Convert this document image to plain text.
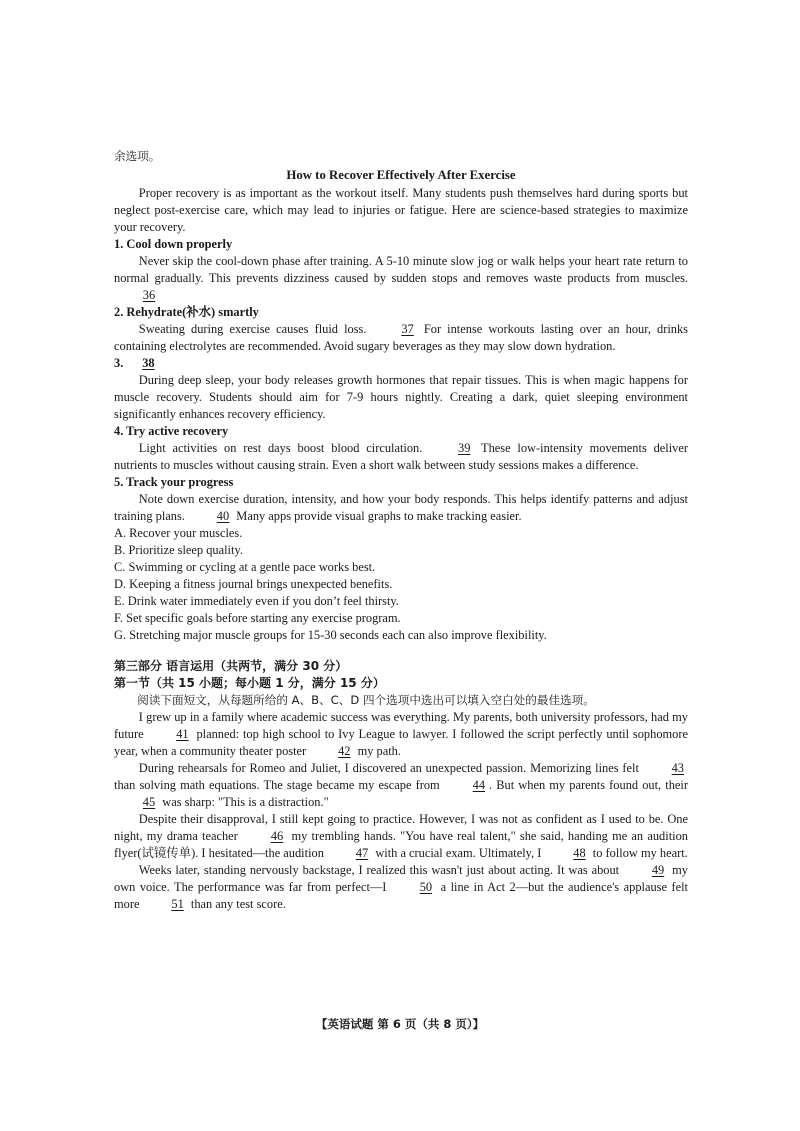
余选项。

How to Recover Effectively After Exercise

Proper recovery is as important as the workout itself. Many students push themselves hard during sports but neglect post-exercise care, which may lead to injuries or fatigue. Here are science-based strategies to maximize your recovery.

1. Cool down properly

Never skip the cool-down phase after training. A 5-10 minute slow jog or walk helps your heart rate return to normal gradually. This prevents dizziness caused by sudden stops and removes waste products from muscles. 36

2. Rehydrate(补水) smartly

Sweating during exercise causes fluid loss.	37 For intense workouts lasting over an hour, drinks containing electrolytes are recommended. Avoid sugary beverages as they may slow down hydration.

3. 38

During deep sleep, your body releases growth hormones that repair tissues. This is when magic happens for muscle recovery. Students should aim for 7-9 hours nightly. Creating a dark, quiet sleeping environment significantly enhances recovery efficiency.

4. Try active recovery

Light activities on rest days boost blood circulation.	39 These low-intensity movements deliver nutrients to muscles without causing strain. Even a short walk between study sessions makes a difference.

5. Track your progress

Note down exercise duration, intensity, and how your body responds. This helps identify patterns and adjust training plans.	40 Many apps provide visual graphs to make tracking easier.

A. Recover your muscles.

B. Prioritize sleep quality.

C. Swimming or cycling at a gentle pace works best.

D. Keeping a fitness journal brings unexpected benefits.

E. Drink water immediately even if you don’t feel thirsty.

F. Set specific goals before starting any exercise program.

G. Stretching major muscle groups for 15-30 seconds each can also improve flexibility.

第三部分 语言运用（共两节，满分 30 分）

第一节（共 15 小题；每小题 1 分，满分 15 分）

阅读下面短文，从每题所给的 A、B、C、D 四个选项中选出可以填入空白处的最佳选项。

I grew up in a family where academic success was everything. My parents, both university professors, had my future	41 planned: top high school to Ivy League to lawyer. I followed the script perfectly until sophomore year, when a community theater poster	42 my path.

During rehearsals for Romeo and Juliet, I discovered an unexpected passion. Memorizing lines felt	43 than solving math equations. The stage became my escape from	44 . But when my parents found out, their 45 was sharp: "This is a distraction."

Despite their disapproval, I still kept going to practice. However, I was not as confident as I used to be. One night, my drama teacher	46 my trembling hands. "You have real talent," she said, handing me an audition flyer(试镜传单). I hesitated—the audition	47 with a crucial exam. Ultimately, I	48 to follow my heart.

Weeks later, standing nervously backstage, I realized this wasn't just about acting. It was about	49 my own voice. The performance was far from perfect—I	50 a line in Act 2—but the audience's applause felt more	51 than any test score.

【英语试题 第 6 页（共 8 页）】
